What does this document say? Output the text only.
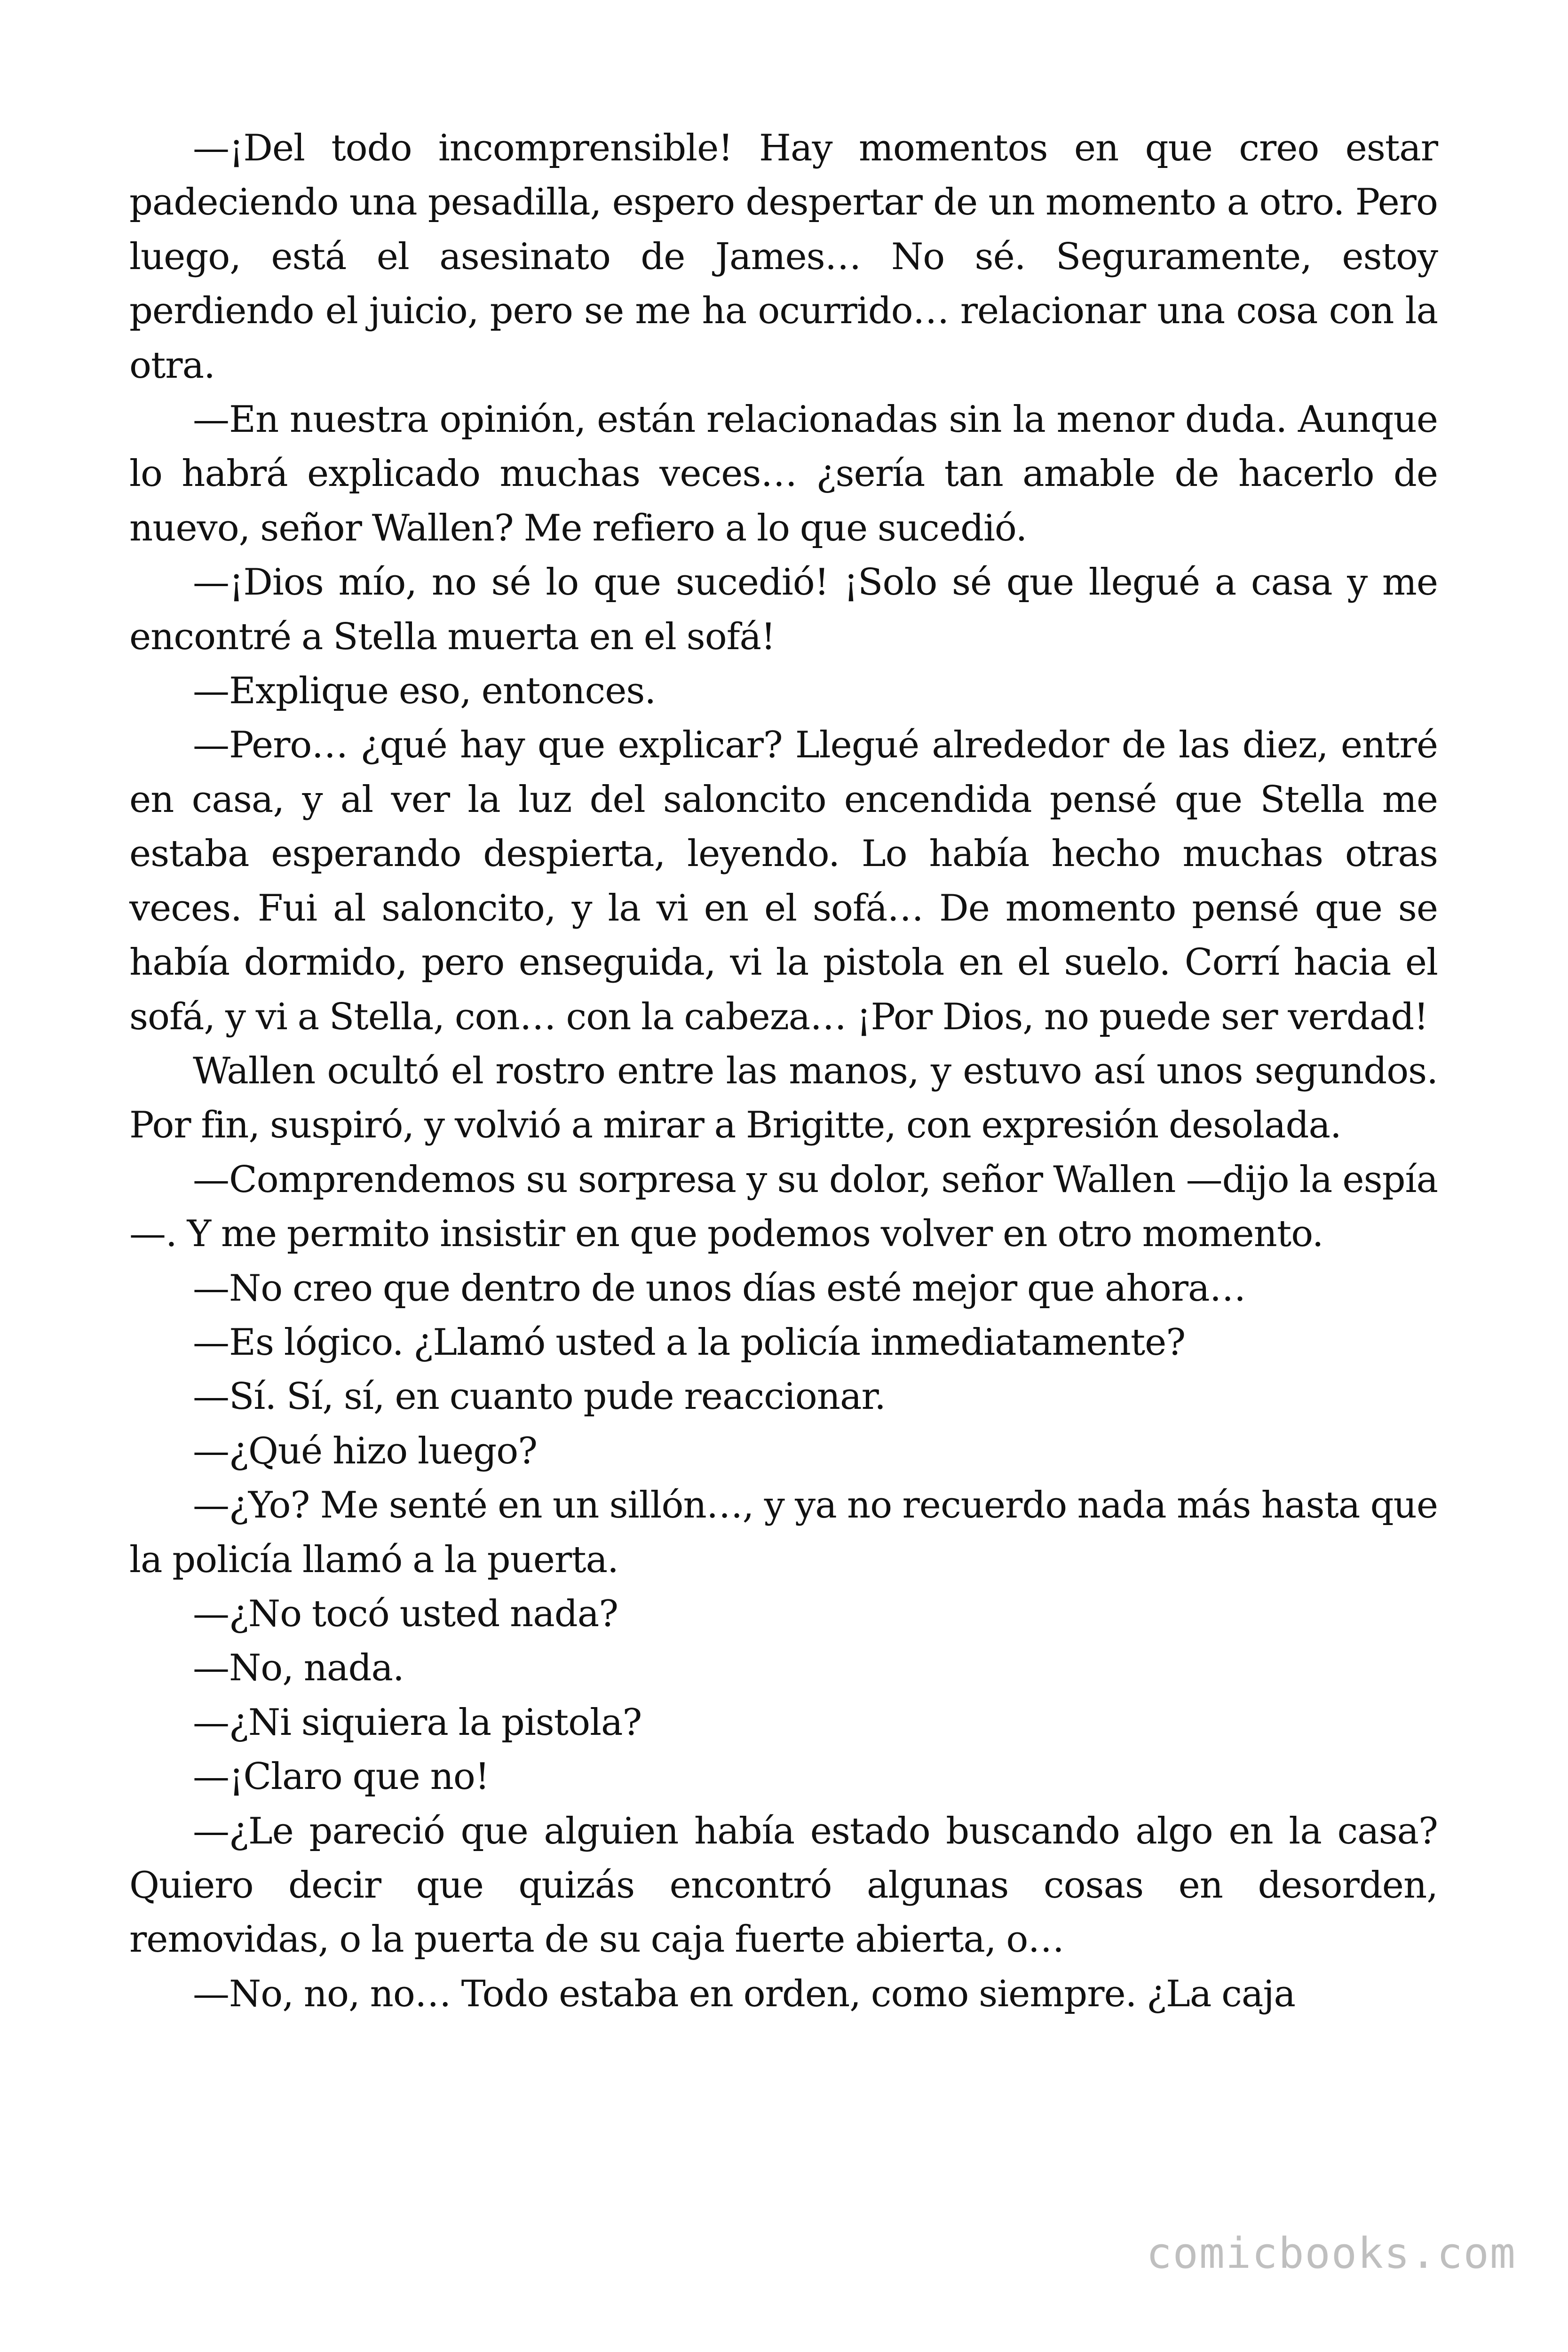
—¡Del todo incomprensible! Hay momentos en que creo estar padeciendo una pesadilla, espero despertar de un momento a otro. Pero luego, está el asesinato de James… No sé. Seguramente, estoy perdiendo el juicio, pero se me ha ocurrido… relacionar una cosa con la otra.

—En nuestra opinión, están relacionadas sin la menor duda. Aunque lo habrá explicado muchas veces… ¿sería tan amable de hacerlo de nuevo, señor Wallen? Me refiero a lo que sucedió.

—¡Dios mío, no sé lo que sucedió! ¡Solo sé que llegué a casa y me encontré a Stella muerta en el sofá!

—Explique eso, entonces.

—Pero… ¿qué hay que explicar? Llegué alrededor de las diez, entré en casa, y al ver la luz del saloncito encendida pensé que Stella me estaba esperando despierta, leyendo. Lo había hecho muchas otras veces. Fui al saloncito, y la vi en el sofá… De momento pensé que se había dormido, pero enseguida, vi la pistola en el suelo. Corrí hacia el sofá, y vi a Stella, con… con la cabeza… ¡Por Dios, no puede ser verdad!

Wallen ocultó el rostro entre las manos, y estuvo así unos segundos. Por fin, suspiró, y volvió a mirar a Brigitte, con expresión desolada.

—Comprendemos su sorpresa y su dolor, señor Wallen —dijo la espía—. Y me permito insistir en que podemos volver en otro momento.

—No creo que dentro de unos días esté mejor que ahora…

—Es lógico. ¿Llamó usted a la policía inmediatamente?

—Sí. Sí, sí, en cuanto pude reaccionar.

—¿Qué hizo luego?

—¿Yo? Me senté en un sillón…, y ya no recuerdo nada más hasta que la policía llamó a la puerta.

—¿No tocó usted nada?

—No, nada.

—¿Ni siquiera la pistola?

—¡Claro que no!

—¿Le pareció que alguien había estado buscando algo en la casa? Quiero decir que quizás encontró algunas cosas en desorden, removidas, o la puerta de su caja fuerte abierta, o…

—No, no, no… Todo estaba en orden, como siempre. ¿La caja

comicbooks.com
